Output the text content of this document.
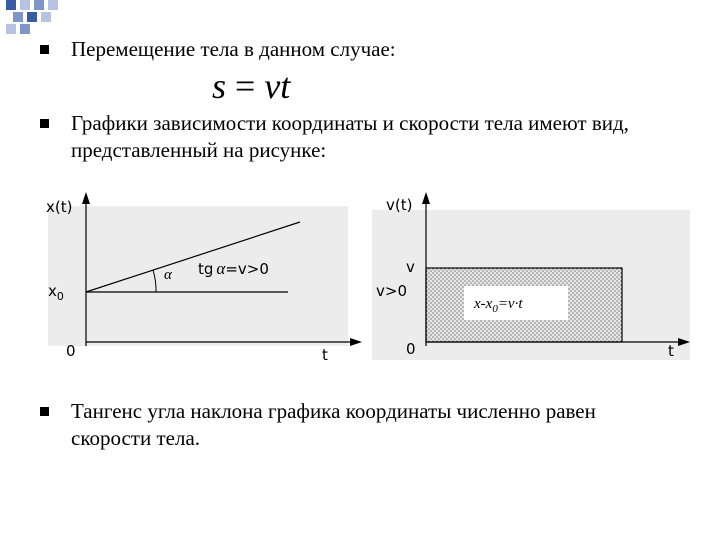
Перемещение тела в данном случае:
s = vt
Графики зависимости координаты и скорости тела имеют вид, представленный на рисунке:
x(t)
$x_0$
α tg α=v>0
0	t
v(t)
v
v>0
$x-x_0=v\cdot t$
0	t
Тангенс угла наклона графика координаты численно равен скорости тела.
